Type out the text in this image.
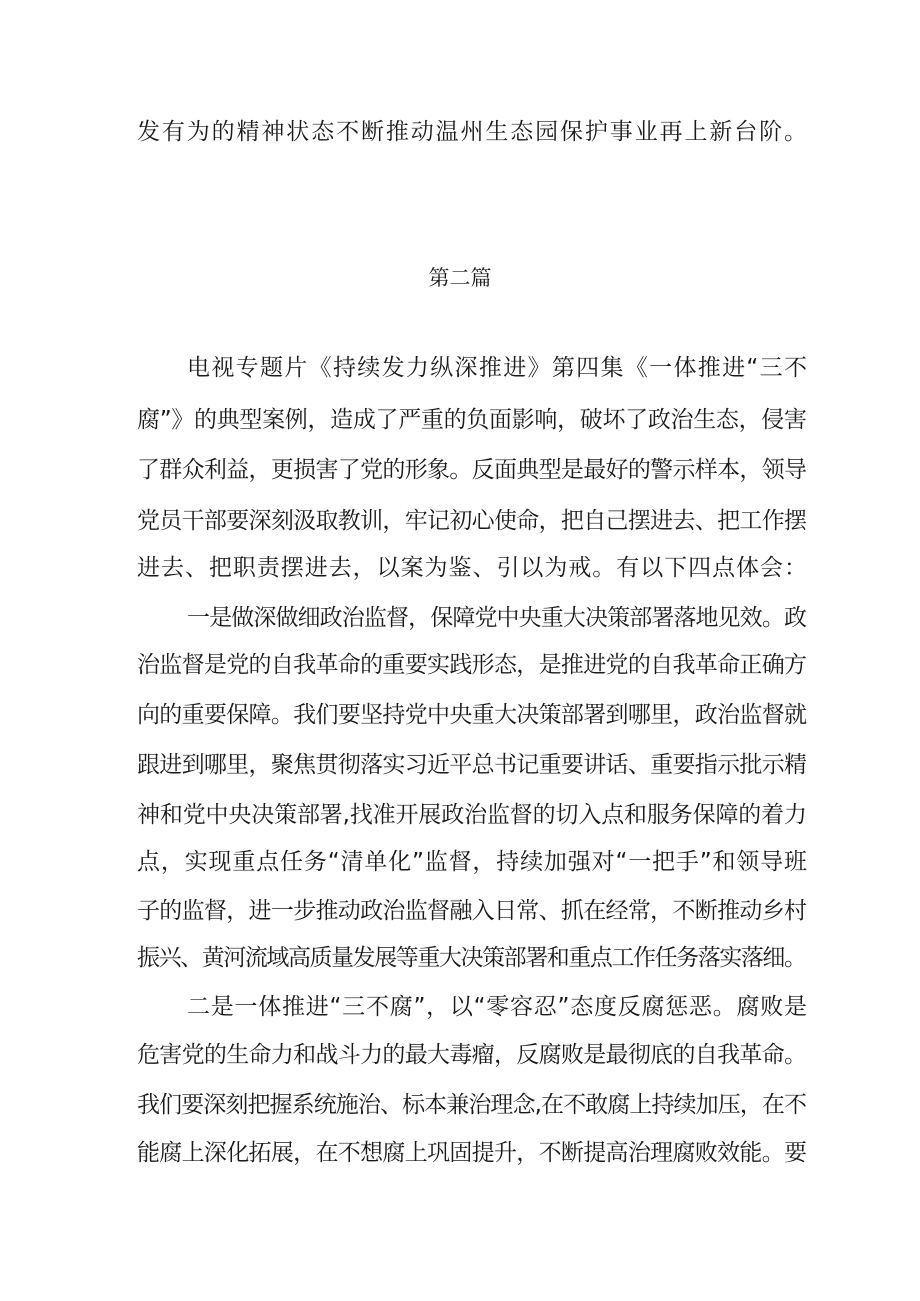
发有为的精神状态不断推动温州生态园保护事业再上新台阶。
第二篇
电视专题片《持续发力纵深推进》第四集《一体推进“三不
腐”》的典型案例，造成了严重的负面影响，破坏了政治生态，侵害
了群众利益，更损害了党的形象。反面典型是最好的警示样本，领导
党员干部要深刻汲取教训，牢记初心使命，把自己摆进去、把工作摆
进去、把职责摆进去，以案为鉴、引以为戒。有以下四点体会：
一是做深做细政治监督，保障党中央重大决策部署落地见效。政
治监督是党的自我革命的重要实践形态，是推进党的自我革命正确方
向的重要保障。我们要坚持党中央重大决策部署到哪里，政治监督就
跟进到哪里，聚焦贯彻落实习近平总书记重要讲话、重要指示批示精
神和党中央决策部署,找准开展政治监督的切入点和服务保障的着力
点，实现重点任务“清单化”监督，持续加强对“一把手”和领导班
子的监督，进一步推动政治监督融入日常、抓在经常，不断推动乡村
振兴、黄河流域高质量发展等重大决策部署和重点工作任务落实落细。
二是一体推进“三不腐”，以“零容忍”态度反腐惩恶。腐败是
危害党的生命力和战斗力的最大毒瘤，反腐败是最彻底的自我革命。
我们要深刻把握系统施治、标本兼治理念,在不敢腐上持续加压，在不
能腐上深化拓展，在不想腐上巩固提升，不断提高治理腐败效能。要
